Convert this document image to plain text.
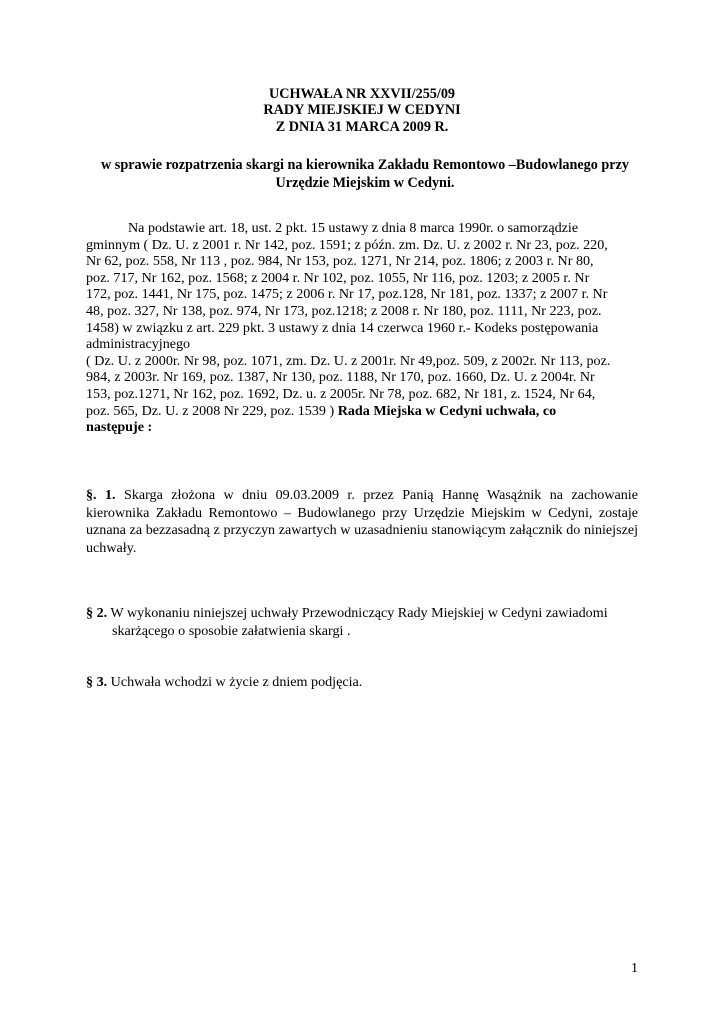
UCHWAŁA NR XXVII/255/09
RADY MIEJSKIEJ W CEDYNI
Z DNIA 31 MARCA 2009 R.
w sprawie rozpatrzenia skargi na kierownika Zakładu Remontowo –Budowlanego przy
Urzędzie Miejskim w Cedyni.
Na podstawie art. 18, ust. 2 pkt. 15 ustawy z dnia 8 marca 1990r. o samorządzie
gminnym ( Dz. U. z 2001 r. Nr 142, poz. 1591; z późn. zm. Dz. U. z 2002 r. Nr 23, poz. 220,
Nr 62, poz. 558, Nr 113 , poz. 984, Nr 153, poz. 1271, Nr 214, poz. 1806; z 2003 r. Nr 80,
poz. 717, Nr 162, poz. 1568; z 2004 r. Nr 102, poz. 1055, Nr 116, poz. 1203; z 2005 r. Nr
172, poz. 1441, Nr 175, poz. 1475; z 2006 r. Nr 17, poz.128, Nr 181, poz. 1337; z 2007 r. Nr
48, poz. 327, Nr 138, poz. 974, Nr 173, poz.1218; z 2008 r. Nr 180, poz. 1111, Nr 223, poz.
1458) w związku z art. 229 pkt. 3 ustawy z dnia 14 czerwca 1960 r.- Kodeks postępowania
administracyjnego
( Dz. U. z 2000r. Nr 98, poz. 1071, zm. Dz. U. z 2001r. Nr 49,poz. 509, z 2002r. Nr 113, poz.
984, z 2003r. Nr 169, poz. 1387, Nr 130, poz. 1188, Nr 170, poz. 1660, Dz. U. z 2004r. Nr
153, poz.1271, Nr 162, poz. 1692, Dz. u. z 2005r. Nr 78, poz. 682, Nr 181, z. 1524, Nr 64,
poz. 565, Dz. U. z 2008 Nr 229, poz. 1539 ) Rada Miejska w Cedyni uchwała, co
następuje :
§. 1. Skarga złożona w dniu 09.03.2009 r. przez Panią Hannę Wasążnik na zachowanie kierownika Zakładu Remontowo – Budowlanego przy Urzędzie Miejskim w Cedyni, zostaje uznana za bezzasadną z przyczyn zawartych w uzasadnieniu stanowiącym załącznik do niniejszej uchwały.
§ 2. W wykonaniu niniejszej uchwały Przewodniczący Rady Miejskiej w Cedyni zawiadomi
skarżącego o sposobie załatwienia skargi .
§ 3. Uchwała wchodzi w życie z dniem podjęcia.
1
